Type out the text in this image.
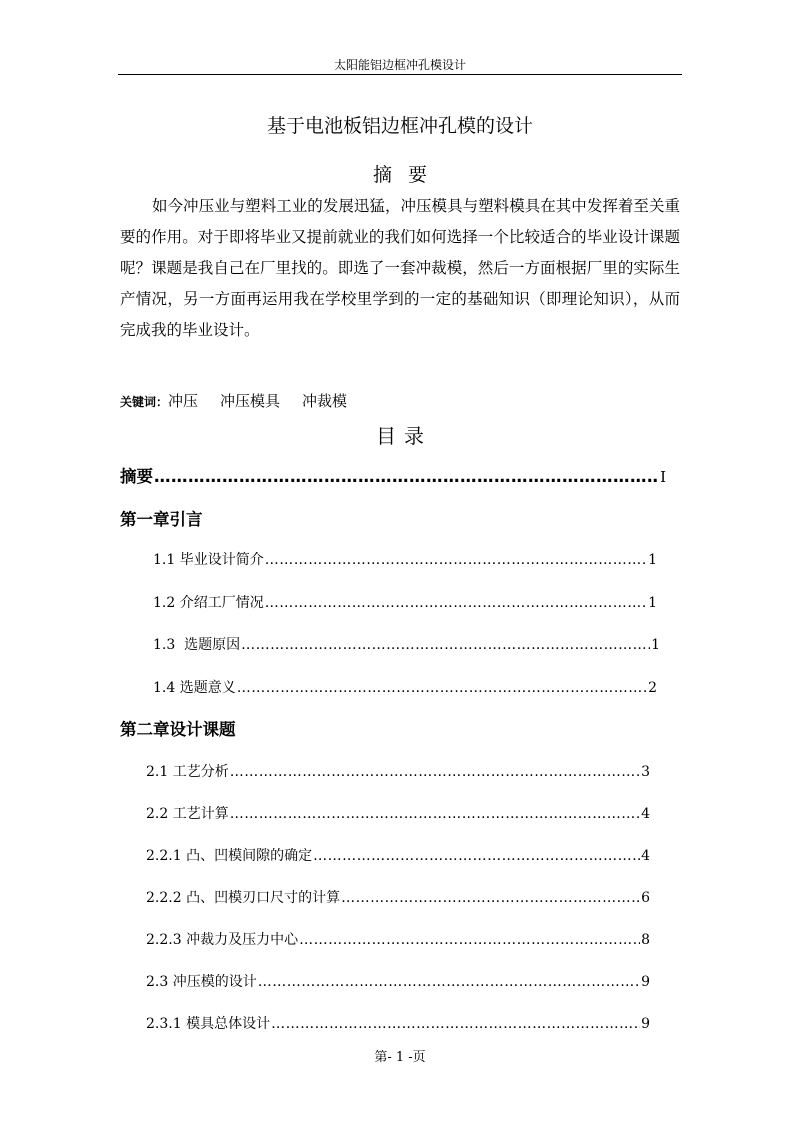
太阳能铝边框冲孔模设计
基于电池板铝边框冲孔模的设计
摘要
如今冲压业与塑料工业的发展迅猛，冲压模具与塑料模具在其中发挥着至关重要的作用。对于即将毕业又提前就业的我们如何选择一个比较适合的毕业设计课题呢？课题是我自己在厂里找的。即选了一套冲裁模，然后一方面根据厂里的实际生产情况，另一方面再运用我在学校里学到的一定的基础知识（即理论知识），从而完成我的毕业设计。
关键词：冲压 冲压模具 冲裁模
目录
摘要 …………………………………………………………………………………………………………………………………………………………………………………………………………	I
第一章引言
1.1 毕业设计简介 …………………………………………………………………………………………………………………………………………………………………………………………………………	1
1.2 介绍工厂情况 …………………………………………………………………………………………………………………………………………………………………………………………………………	1
1.3  选题原因 …………………………………………………………………………………………………………………………………………………………………………………………………………	1
1.4 选题意义 …………………………………………………………………………………………………………………………………………………………………………………………………………	2
第二章设计课题
2.1 工艺分析 …………………………………………………………………………………………………………………………………………………………………………………………………………	3
2.2 工艺计算 …………………………………………………………………………………………………………………………………………………………………………………………………………	4
2.2.1 凸、凹模间隙的确定 …………………………………………………………………………………………………………………………………………………………………………………………………………	4
2.2.2 凸、凹模刃口尺寸的计算 …………………………………………………………………………………………………………………………………………………………………………………………………………	6
2.2.3 冲裁力及压力中心 …………………………………………………………………………………………………………………………………………………………………………………………………………	8
2.3 冲压模的设计 …………………………………………………………………………………………………………………………………………………………………………………………………………	9
2.3.1 模具总体设计 …………………………………………………………………………………………………………………………………………………………………………………………………………	9
第- 1 -页
